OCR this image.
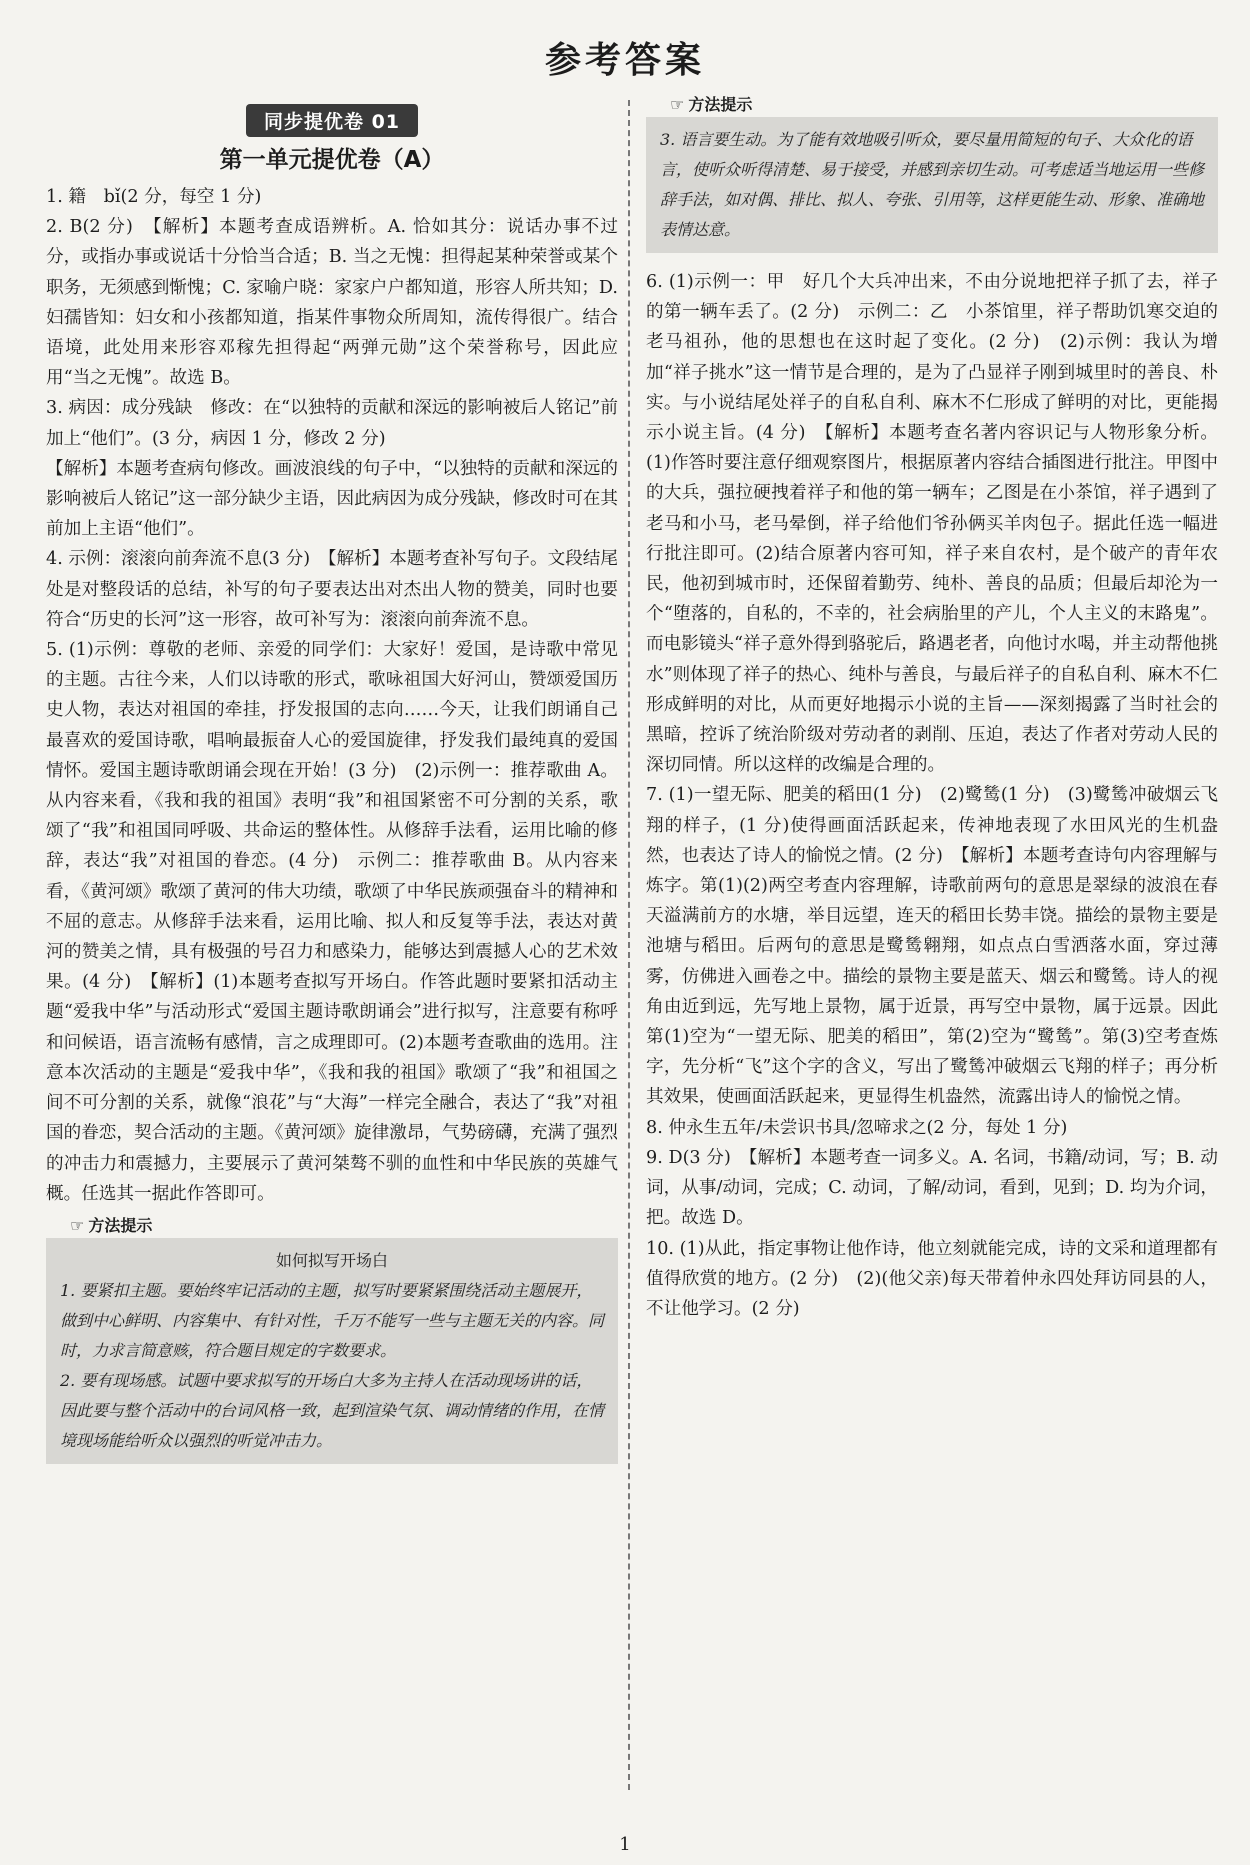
参考答案
同步提优卷 01
第一单元提优卷（A）

1. 籍　bǐ(2 分，每空 1 分)

2. B(2 分)　【解析】本题考查成语辨析。A. 恰如其分：说话办事不过分，或指办事或说话十分恰当合适；B. 当之无愧：担得起某种荣誉或某个职务，无须感到惭愧；C. 家喻户晓：家家户户都知道，形容人所共知；D. 妇孺皆知：妇女和小孩都知道，指某件事物众所周知，流传得很广。结合语境，此处用来形容邓稼先担得起“两弹元勋”这个荣誉称号，因此应用“当之无愧”。故选 B。

3. 病因：成分残缺　修改：在“以独特的贡献和深远的影响被后人铭记”前加上“他们”。(3 分，病因 1 分，修改 2 分)

【解析】本题考查病句修改。画波浪线的句子中，“以独特的贡献和深远的影响被后人铭记”这一部分缺少主语，因此病因为成分残缺，修改时可在其前加上主语“他们”。

4. 示例：滚滚向前奔流不息(3 分)　【解析】本题考查补写句子。文段结尾处是对整段话的总结，补写的句子要表达出对杰出人物的赞美，同时也要符合“历史的长河”这一形容，故可补写为：滚滚向前奔流不息。

5. (1)示例：尊敬的老师、亲爱的同学们：大家好！爱国，是诗歌中常见的主题。古往今来，人们以诗歌的形式，歌咏祖国大好河山，赞颂爱国历史人物，表达对祖国的牵挂，抒发报国的志向……今天，让我们朗诵自己最喜欢的爱国诗歌，唱响最振奋人心的爱国旋律，抒发我们最纯真的爱国情怀。爱国主题诗歌朗诵会现在开始！(3 分)　(2)示例一：推荐歌曲 A。从内容来看，《我和我的祖国》表明“我”和祖国紧密不可分割的关系，歌颂了“我”和祖国同呼吸、共命运的整体性。从修辞手法看，运用比喻的修辞，表达“我”对祖国的眷恋。(4 分)　示例二：推荐歌曲 B。从内容来看，《黄河颂》歌颂了黄河的伟大功绩，歌颂了中华民族顽强奋斗的精神和不屈的意志。从修辞手法来看，运用比喻、拟人和反复等手法，表达对黄河的赞美之情，具有极强的号召力和感染力，能够达到震撼人心的艺术效果。(4 分)　【解析】(1)本题考查拟写开场白。作答此题时要紧扣活动主题“爱我中华”与活动形式“爱国主题诗歌朗诵会”进行拟写，注意要有称呼和问候语，语言流畅有感情，言之成理即可。(2)本题考查歌曲的选用。注意本次活动的主题是“爱我中华”，《我和我的祖国》歌颂了“我”和祖国之间不可分割的关系，就像“浪花”与“大海”一样完全融合，表达了“我”对祖国的眷恋，契合活动的主题。《黄河颂》旋律激昂，气势磅礴，充满了强烈的冲击力和震撼力，主要展示了黄河桀骜不驯的血性和中华民族的英雄气概。任选其一据此作答即可。

☞ 方法提示
如何拟写开场白
1. 要紧扣主题。要始终牢记活动的主题，拟写时要紧紧围绕活动主题展开，做到中心鲜明、内容集中、有针对性，千万不能写一些与主题无关的内容。同时，力求言简意赅，符合题目规定的字数要求。
2. 要有现场感。试题中要求拟写的开场白大多为主持人在活动现场讲的话，因此要与整个活动中的台词风格一致，起到渲染气氛、调动情绪的作用，在情境现场能给听众以强烈的听觉冲击力。
☞ 方法提示
3. 语言要生动。为了能有效地吸引听众，要尽量用简短的句子、大众化的语言，使听众听得清楚、易于接受，并感到亲切生动。可考虑适当地运用一些修辞手法，如对偶、排比、拟人、夸张、引用等，这样更能生动、形象、准确地表情达意。

6. (1)示例一：甲　好几个大兵冲出来，不由分说地把祥子抓了去，祥子的第一辆车丢了。(2 分)　示例二：乙　小茶馆里，祥子帮助饥寒交迫的老马祖孙，他的思想也在这时起了变化。(2 分)　(2)示例：我认为增加“祥子挑水”这一情节是合理的，是为了凸显祥子刚到城里时的善良、朴实。与小说结尾处祥子的自私自利、麻木不仁形成了鲜明的对比，更能揭示小说主旨。(4 分)　【解析】本题考查名著内容识记与人物形象分析。(1)作答时要注意仔细观察图片，根据原著内容结合插图进行批注。甲图中的大兵，强拉硬拽着祥子和他的第一辆车；乙图是在小茶馆，祥子遇到了老马和小马，老马晕倒，祥子给他们爷孙俩买羊肉包子。据此任选一幅进行批注即可。(2)结合原著内容可知，祥子来自农村，是个破产的青年农民，他初到城市时，还保留着勤劳、纯朴、善良的品质；但最后却沦为一个“堕落的，自私的，不幸的，社会病胎里的产儿，个人主义的末路鬼”。而电影镜头“祥子意外得到骆驼后，路遇老者，向他讨水喝，并主动帮他挑水”则体现了祥子的热心、纯朴与善良，与最后祥子的自私自利、麻木不仁形成鲜明的对比，从而更好地揭示小说的主旨——深刻揭露了当时社会的黑暗，控诉了统治阶级对劳动者的剥削、压迫，表达了作者对劳动人民的深切同情。所以这样的改编是合理的。

7. (1)一望无际、肥美的稻田(1 分)　(2)鹭鸶(1 分)　(3)鹭鸶冲破烟云飞翔的样子，(1 分)使得画面活跃起来，传神地表现了水田风光的生机盎然，也表达了诗人的愉悦之情。(2 分)　【解析】本题考查诗句内容理解与炼字。第(1)(2)两空考查内容理解，诗歌前两句的意思是翠绿的波浪在春天溢满前方的水塘，举目远望，连天的稻田长势丰饶。描绘的景物主要是池塘与稻田。后两句的意思是鹭鸶翱翔，如点点白雪洒落水面，穿过薄雾，仿佛进入画卷之中。描绘的景物主要是蓝天、烟云和鹭鸶。诗人的视角由近到远，先写地上景物，属于近景，再写空中景物，属于远景。因此第(1)空为“一望无际、肥美的稻田”，第(2)空为“鹭鸶”。第(3)空考查炼字，先分析“飞”这个字的含义，写出了鹭鸶冲破烟云飞翔的样子；再分析其效果，使画面活跃起来，更显得生机盎然，流露出诗人的愉悦之情。

8. 仲永生五年/未尝识书具/忽啼求之(2 分，每处 1 分)

9. D(3 分)　【解析】本题考查一词多义。A. 名词，书籍/动词，写；B. 动词，从事/动词，完成；C. 动词，了解/动词，看到，见到；D. 均为介词，把。故选 D。

10. (1)从此，指定事物让他作诗，他立刻就能完成，诗的文采和道理都有值得欣赏的地方。(2 分)　(2)(他父亲)每天带着仲永四处拜访同县的人，不让他学习。(2 分)

1
